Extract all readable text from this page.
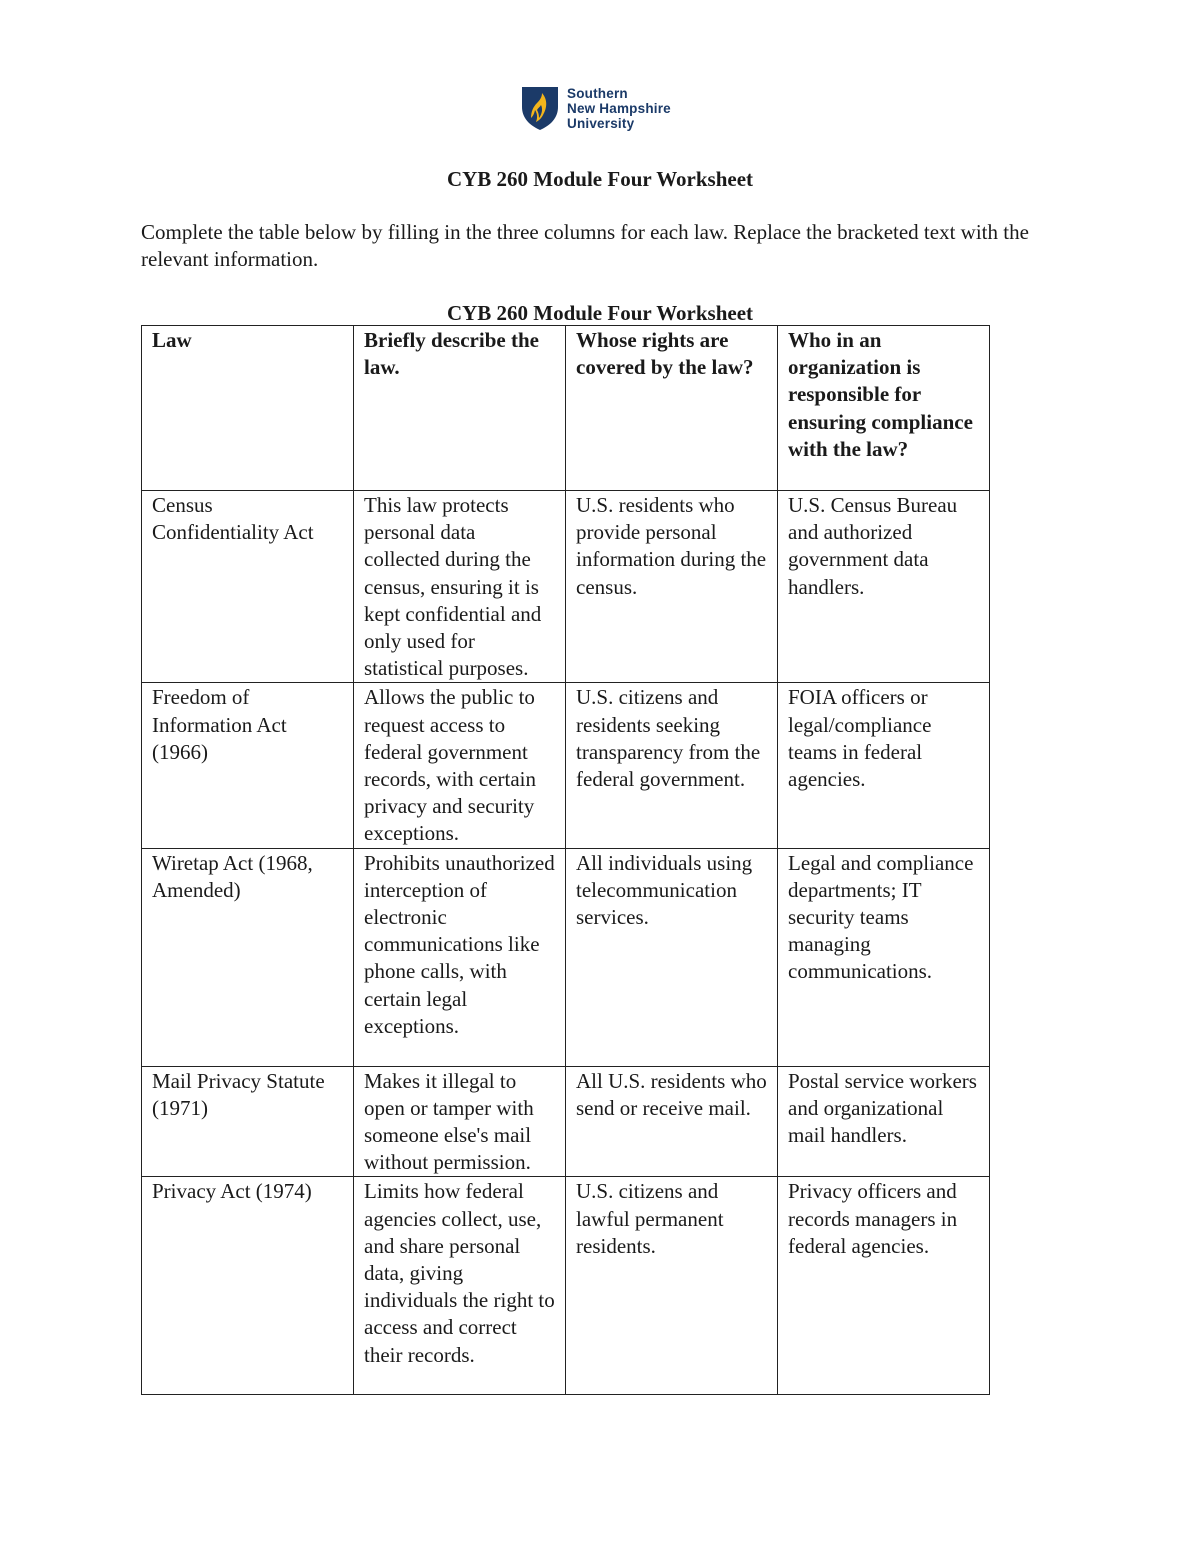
Southern
New Hampshire
University
CYB 260 Module Four Worksheet
Complete the table below by filling in the three columns for each law. Replace the bracketed text with the relevant information.
CYB 260 Module Four Worksheet
Law	Briefly describe the law.	Whose rights are covered by the law?	Who in an organization is responsible for ensuring compliance with the law?
Census Confidentiality Act	This law protects personal data collected during the census, ensuring it is kept confidential and only used for statistical purposes.	U.S. residents who provide personal information during the census.	U.S. Census Bureau and authorized government data handlers.
Freedom of Information Act (1966)	Allows the public to request access to federal government records, with certain privacy and security exceptions.	U.S. citizens and residents seeking transparency from the federal government.	FOIA officers or legal/compliance teams in federal agencies.
Wiretap Act (1968, Amended)	Prohibits unauthorized interception of electronic communications like phone calls, with certain legal exceptions.	All individuals using telecommunication services.	Legal and compliance departments; IT security teams managing communications.
Mail Privacy Statute (1971)	Makes it illegal to open or tamper with someone else's mail without permission.	All U.S. residents who send or receive mail.	Postal service workers and organizational mail handlers.
Privacy Act (1974)	Limits how federal agencies collect, use, and share personal data, giving individuals the right to access and correct their records.	U.S. citizens and lawful permanent residents.	Privacy officers and records managers in federal agencies.
